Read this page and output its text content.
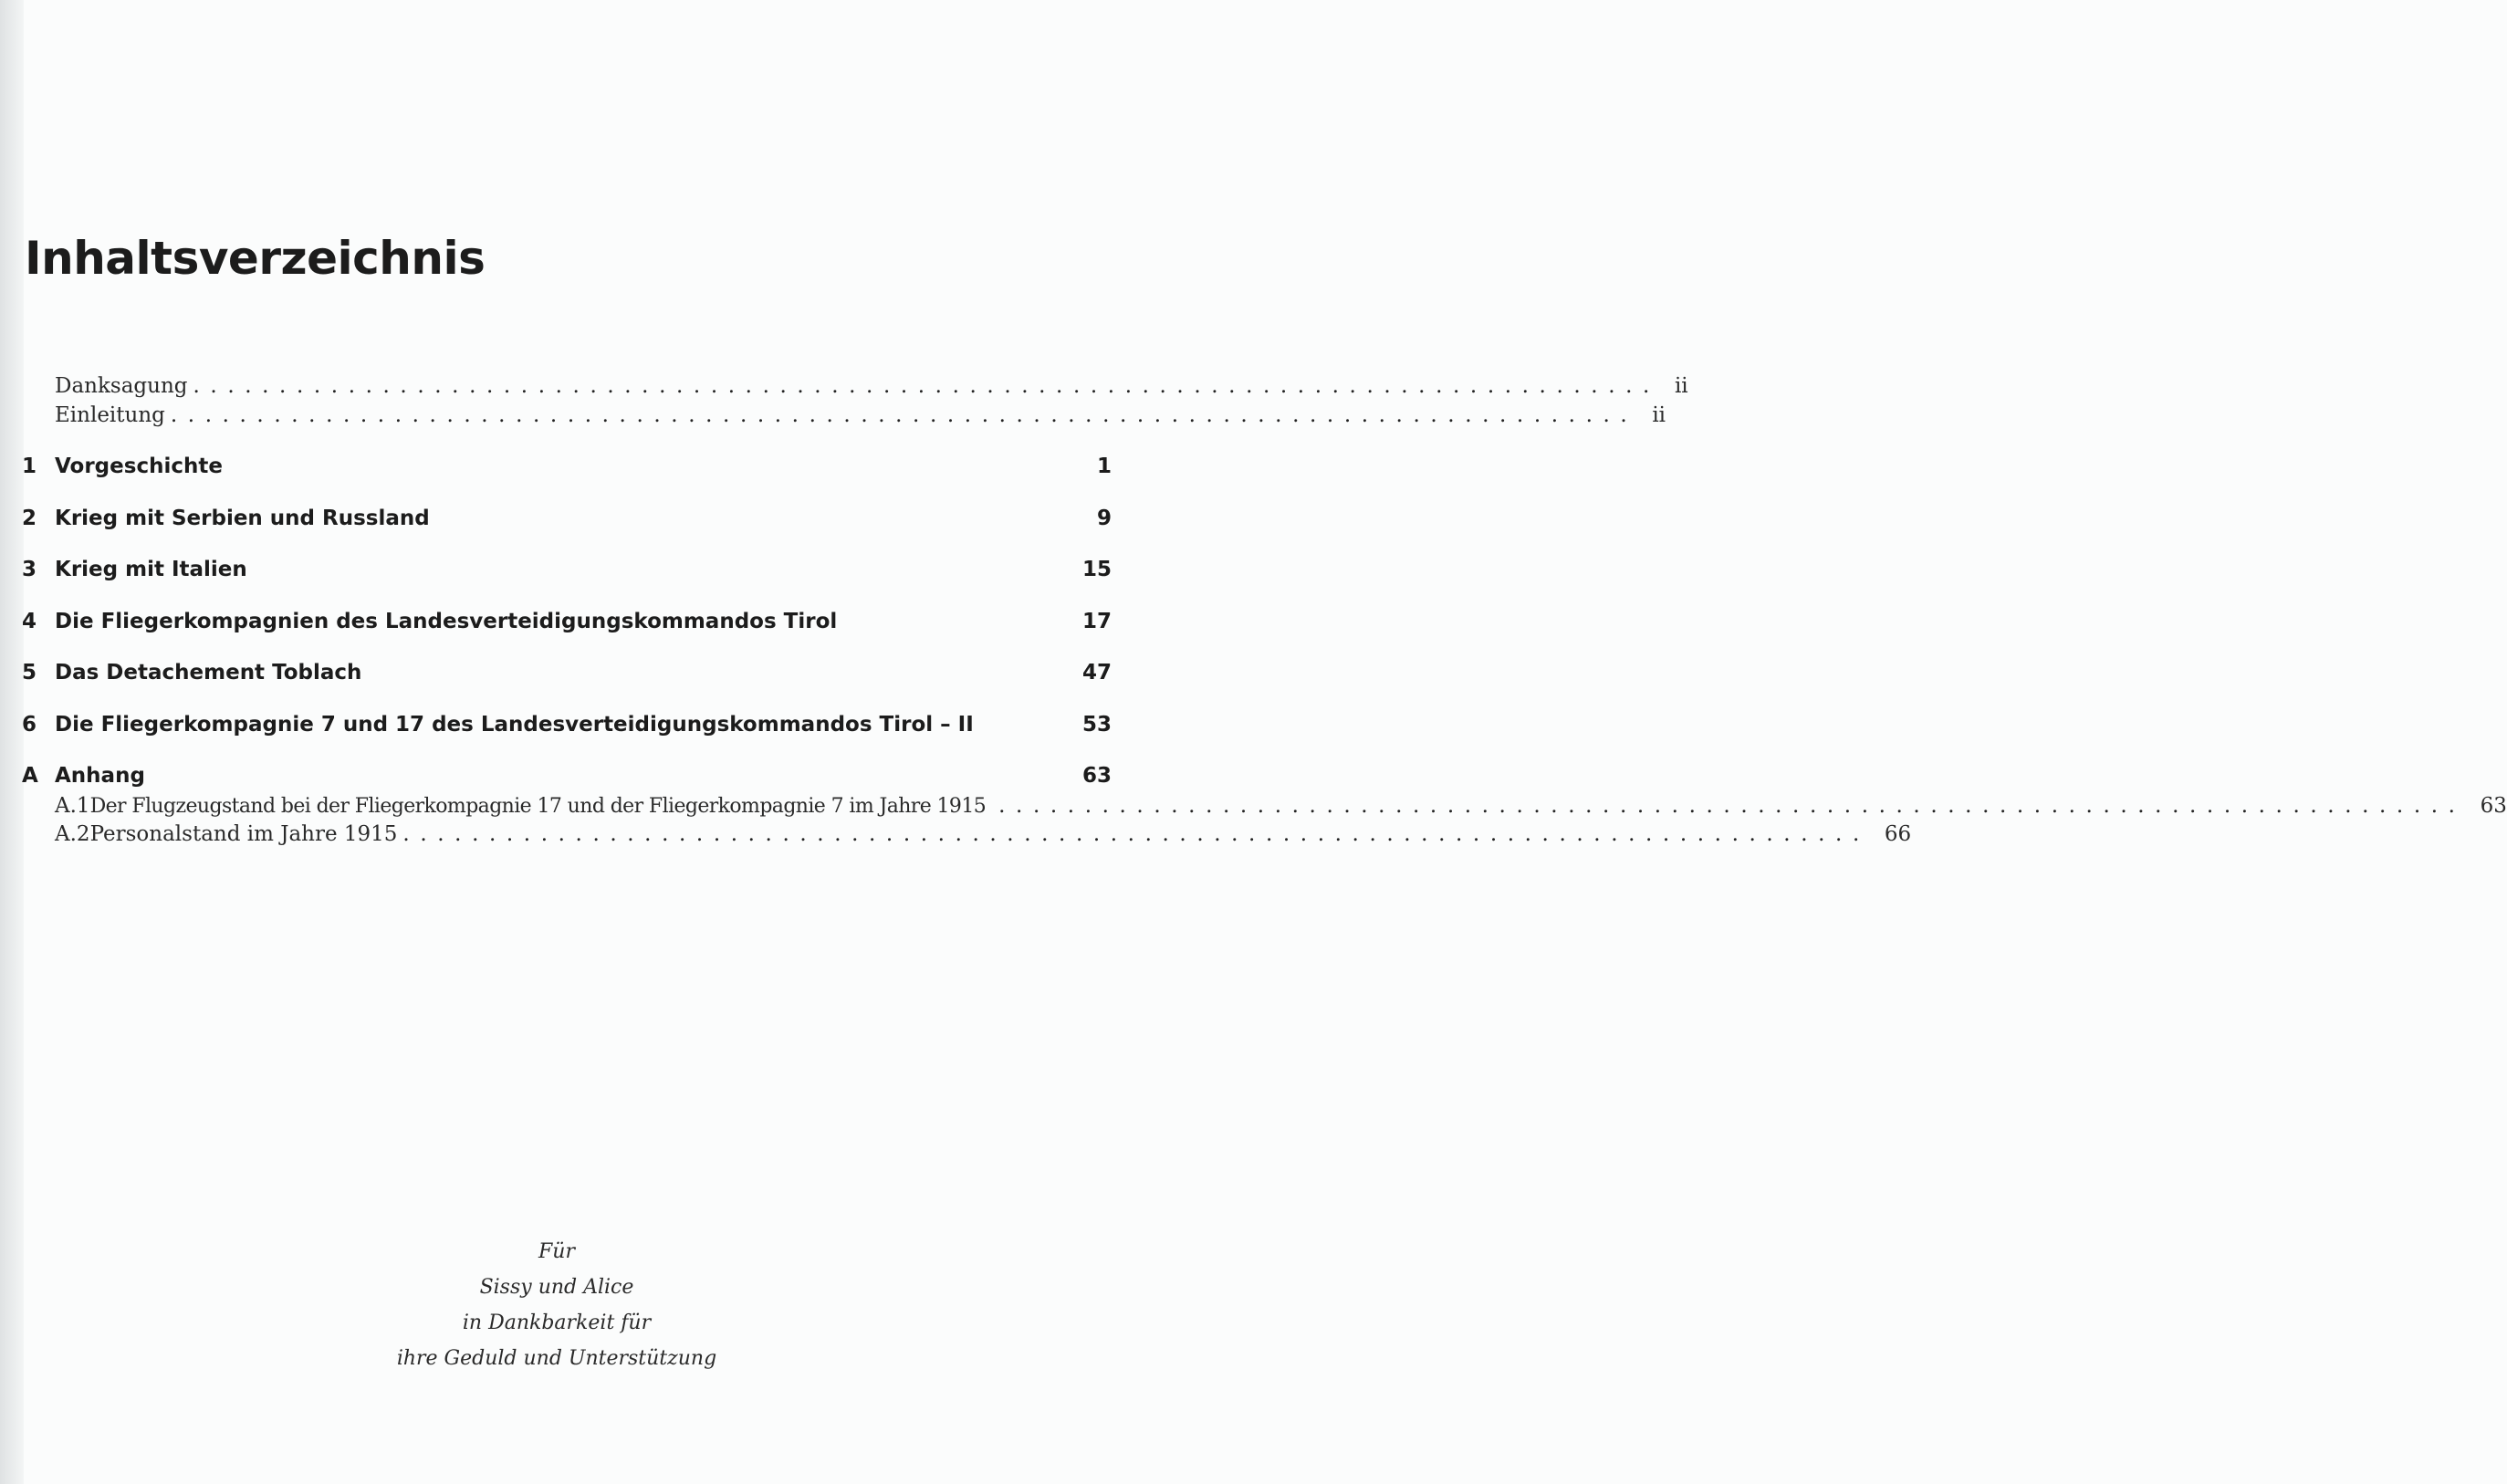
Inhaltsverzeichnis
Danksagung ..................................................................................... ii
Einleitung ..................................................................................... ii
1 Vorgeschichte	1
2 Krieg mit Serbien und Russland	9
3 Krieg mit Italien	15
4 Die Fliegerkompagnien des Landesverteidigungskommandos Tirol	17
5 Das Detachement Toblach	47
6 Die Fliegerkompagnie 7 und 17 des Landesverteidigungskommandos Tirol – II	53
A Anhang	63
A.1 Der Flugzeugstand bei der Fliegerkompagnie 17 und der Fliegerkompagnie 7 im Jahre 1915 ..................................................................................... 63
A.2 Personalstand im Jahre 1915 ..................................................................................... 66
Für
Sissy und Alice
in Dankbarkeit für
ihre Geduld und Unterstützung
